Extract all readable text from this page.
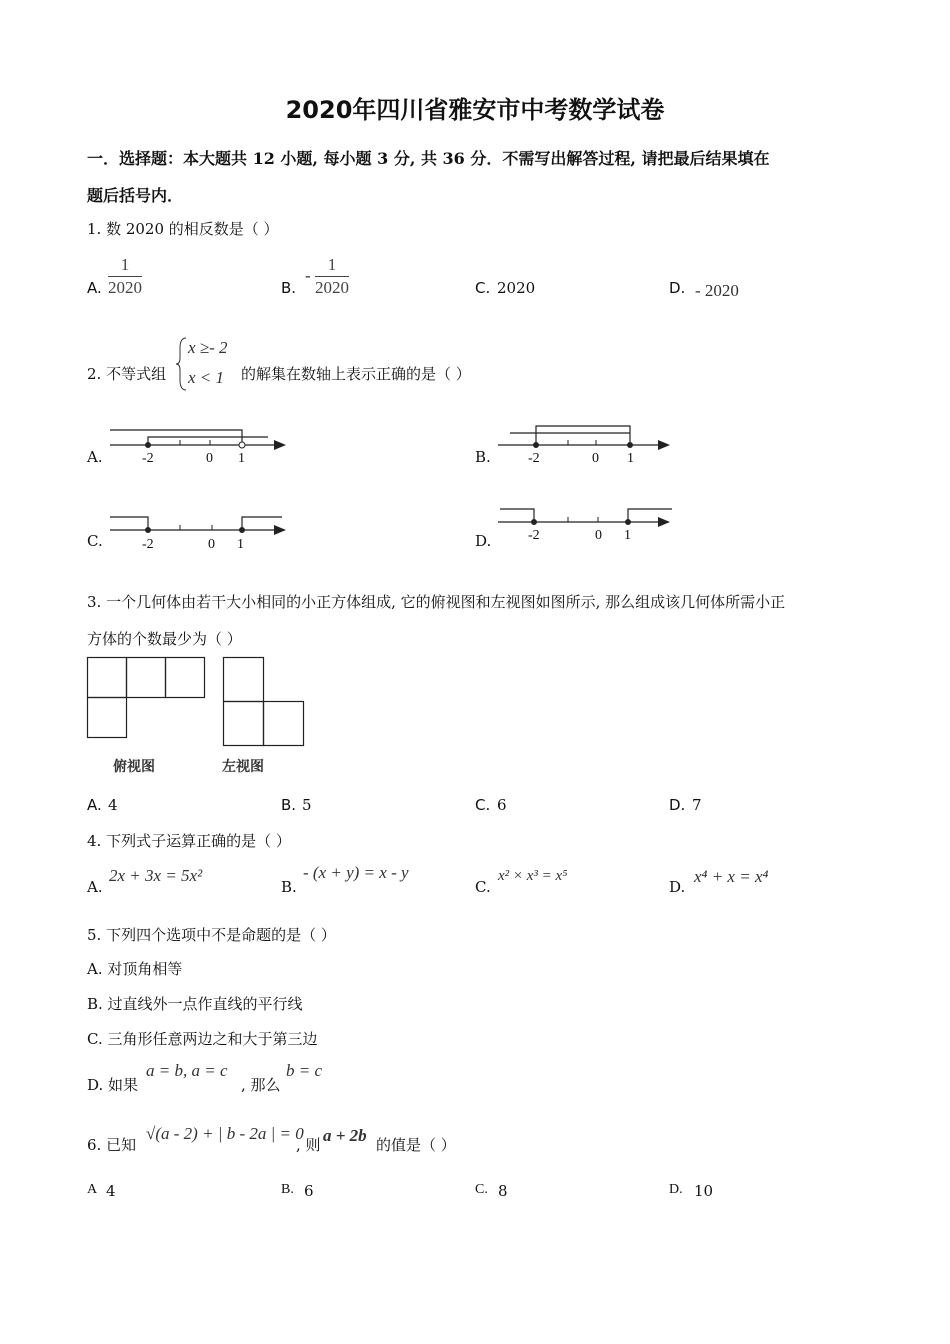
2020年四川省雅安市中考数学试卷
一．选择题：本大题共 12 小题, 每小题 3 分, 共 36 分．不需写出解答过程, 请把最后结果填在
题后括号内．
1. 数 2020 的相反数是（ ）
A. $\frac{1}{2020}$	B.
- $\frac{1}{2020}$	C. 2020	D. - 2020
2. 不等式组
x ≥- 2
x < 1 的解集在数轴上表示正确的是（ ）
A.	-2	0 1	B.	-2	0 1
C.	-2	0 1	D.	-2	0 1
3. 一个几何体由若干大小相同的小正方体组成, 它的俯视图和左视图如图所示, 那么组成该几何体所需小正
方体的个数最少为（ ）
俯视图	左视图
A. 4	B. 5	C. 6	D. 7
4. 下列式子运算正确的是（ ）
A.
2x + 3x = 5x²
B.
- (x + y) = x - y
C.
x² × x³ = x⁵
D.
x⁴ + x = x⁴
5. 下列四个选项中不是命题的是（ ）
A. 对顶角相等
B. 过直线外一点作直线的平行线
C. 三角形任意两边之和大于第三边
D. 如果
a = b, a = c
, 那么
b = c
6. 已知
√(a - 2) + | b - 2a | = 0
, 则 a + 2b 的值是（ ）
A 4	B. 6	C. 8	D. 10
